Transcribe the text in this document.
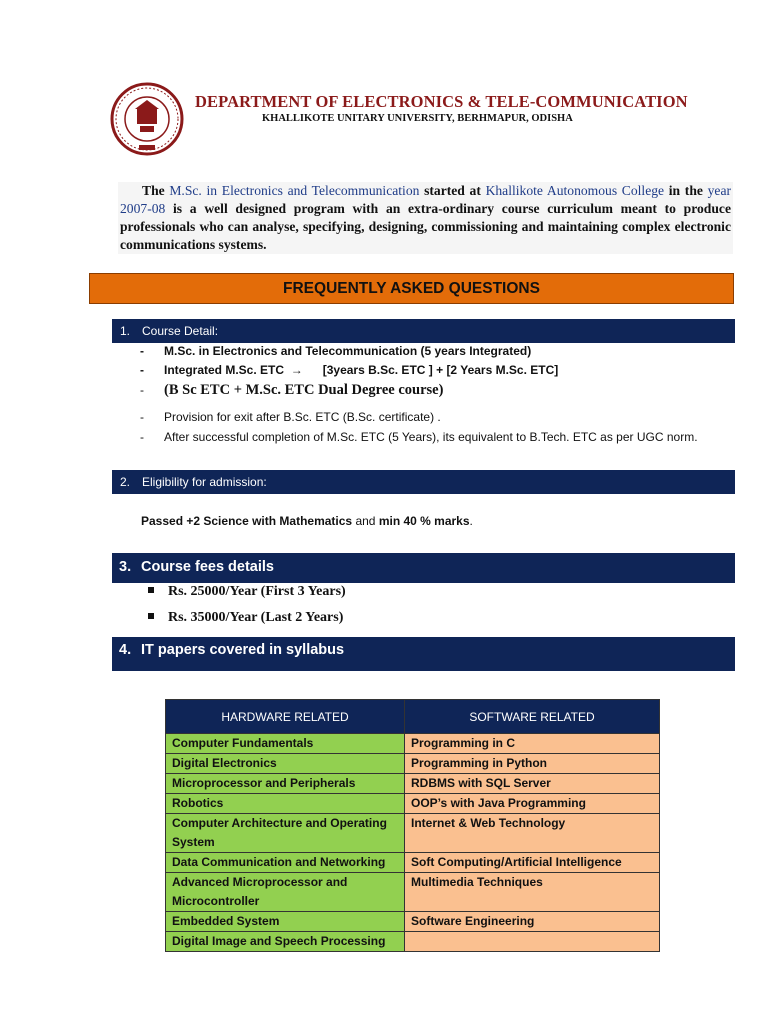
DEPARTMENT OF ELECTRONICS & TELE-COMMUNICATION
KHALLIKOTE UNITARY UNIVERSITY, BERHMAPUR, ODISHA
The M.Sc. in Electronics and Telecommunication started at Khallikote Autonomous College in the year 2007-08 is a well designed program with an extra-ordinary course curriculum meant to produce professionals who can analyse, specifying, designing, commissioning and maintaining complex electronic communications systems.
FREQUENTLY ASKED QUESTIONS
1. Course Detail:
- M.Sc. in Electronics and Telecommunication (5 years Integrated)
- Integrated M.Sc. ETC → [3years B.Sc. ETC ] + [2 Years M.Sc. ETC]
- (B Sc ETC + M.Sc. ETC Dual Degree course)
- Provision for exit after B.Sc. ETC (B.Sc. certificate) .
- After successful completion of M.Sc. ETC (5 Years), its equivalent to B.Tech. ETC as per UGC norm.
2. Eligibility for admission:
Passed +2 Science with Mathematics and min 40 % marks.
3. Course fees details
Rs. 25000/Year (First 3 Years)
Rs. 35000/Year (Last 2 Years)
4. IT papers covered in syllabus
HARDWARE RELATED	SOFTWARE RELATED
Computer Fundamentals	Programming in C
Digital Electronics	Programming in Python
Microprocessor and Peripherals	RDBMS with SQL Server
Robotics	OOP’s with Java Programming
Computer Architecture and Operating System	Internet & Web Technology
Data Communication and Networking	Soft Computing/Artificial Intelligence
Advanced Microprocessor and Microcontroller	Multimedia Techniques
Embedded System	Software Engineering
Digital Image and Speech Processing	
